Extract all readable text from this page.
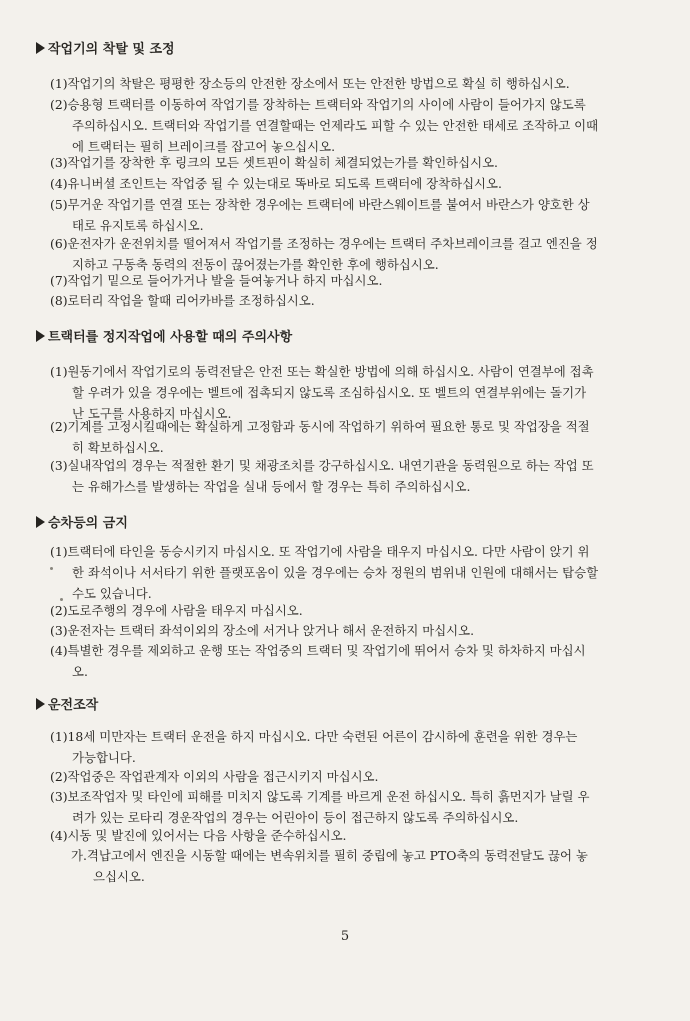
작업기의 착탈 및 조정
(1)작업기의 착탈은 평평한 장소등의 안전한 장소에서 또는 안전한 방법으로 확실 히 행하십시오.
(2)승용형 트랙터를 이동하여 작업기를 장착하는 트랙터와 작업기의 사이에 사람이 들어가지 않도록
주의하십시오. 트랙터와 작업기를 연결할때는 언제라도 피할 수 있는 안전한 태세로 조작하고 이때
에 트랙터는 필히 브레이크를 잡고어 놓으십시오.
(3)작업기를 장착한 후 링크의 모든 셋트핀이 확실히 체결되었는가를 확인하십시오.
(4)유니버셜 조인트는 작업중 될 수 있는대로 똑바로 되도록 트랙터에 장착하십시오.
(5)무거운 작업기를 연결 또는 장착한 경우에는 트랙터에 바란스웨이트를 붙여서 바란스가 양호한 상
태로 유지토록 하십시오.
(6)운전자가 운전위치를 떨어져서 작업기를 조정하는 경우에는 트랙터 주차브레이크를 걸고 엔진을 정
지하고 구동축 동력의 전동이 끊어졌는가를 확인한 후에 행하십시오.
(7)작업기 밑으로 들어가거나 발을 들여놓거나 하지 마십시오.
(8)로터리 작업을 할때 리어카바를 조정하십시오.
트랙터를 정지작업에 사용할 때의 주의사항
(1)원동기에서 작업기로의 동력전달은 안전 또는 확실한 방법에 의해 하십시오. 사람이 연결부에 접촉
할 우려가 있을 경우에는 벨트에 접촉되지 않도록 조심하십시오. 또 벨트의 연결부위에는 돌기가
난 도구를 사용하지 마십시오.
(2)기계를 고정시킬때에는 확실하게 고정함과 동시에 작업하기 위하여 필요한 통로 및 작업장을 적절
히 확보하십시오.
(3)실내작업의 경우는 적절한 환기 및 채광조치를 강구하십시오. 내연기관을 동력원으로 하는 작업 또
는 유해가스를 발생하는 작업을 실내 등에서 할 경우는 특히 주의하십시오.
승차등의 금지
(1)트랙터에 타인을 동승시키지 마십시오. 또 작업기에 사람을 태우지 마십시오. 다만 사람이 앉기 위
한 좌석이나 서서타기 위한 플랫포옴이 있을 경우에는 승차 정원의 범위내 인원에 대해서는 탑승할
수도 있습니다.
(2)도로주행의 경우에 사람을 태우지 마십시오.
(3)운전자는 트랙터 좌석이외의 장소에 서거나 앉거나 해서 운전하지 마십시오.
(4)특별한 경우를 제외하고 운행 또는 작업중의 트랙터 및 작업기에 뛰어서 승차 및 하차하지 마십시
오.
운전조작
(1)18세 미만자는 트랙터 운전을 하지 마십시오. 다만 숙련된 어른이 감시하에 훈련을 위한 경우는
가능합니다.
(2)작업중은 작업관계자 이외의 사람을 접근시키지 마십시오.
(3)보조작업자 및 타인에 피해를 미치지 않도록 기계를 바르게 운전 하십시오. 특히 흙먼지가 날릴 우
려가 있는 로타리 경운작업의 경우는 어린아이 등이 접근하지 않도록 주의하십시오.
(4)시동 및 발진에 있어서는 다음 사항을 준수하십시오.
가.격납고에서 엔진을 시동할 때에는 변속위치를 필히 중립에 놓고 PTO축의 동력전달도 끊어 놓
으십시오.
5
